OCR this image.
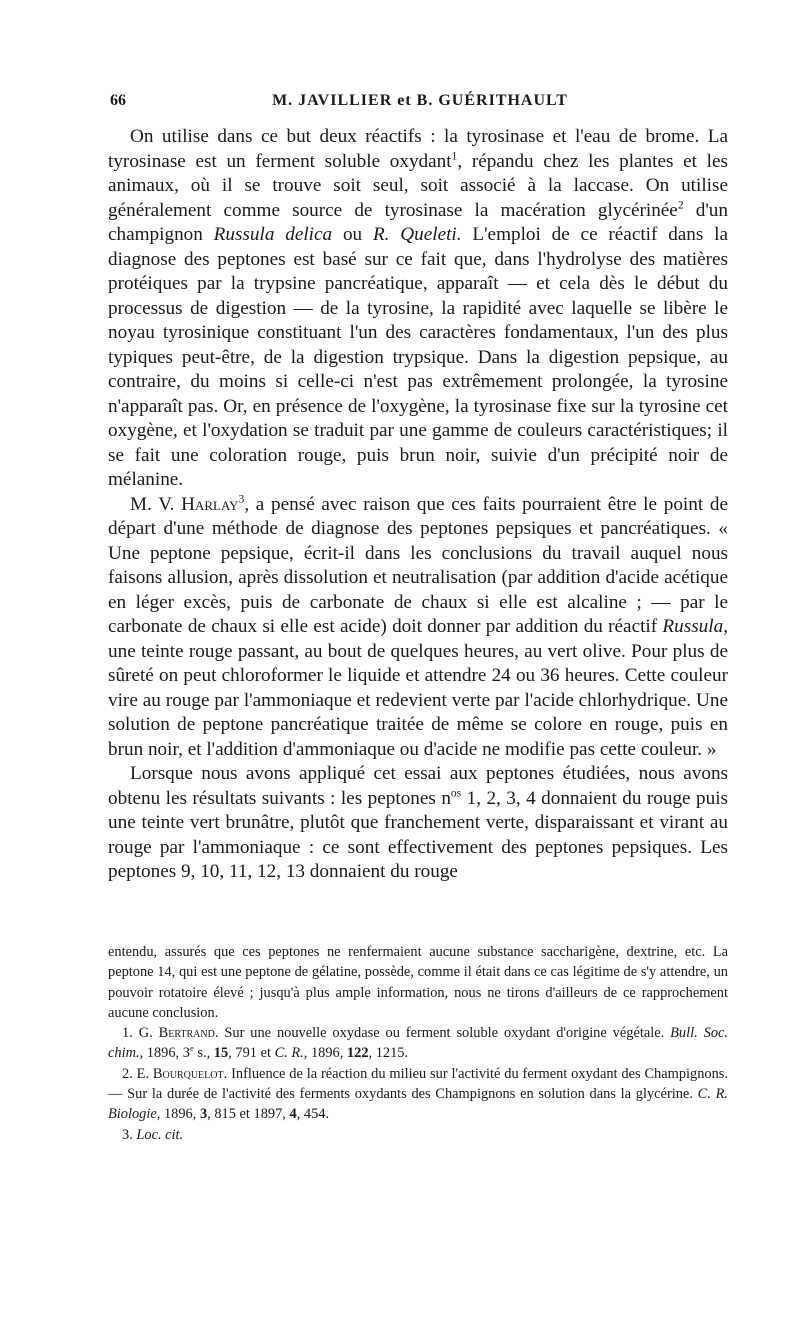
66	M. JAVILLIER et B. GUÉRITHAULT

On utilise dans ce but deux réactifs : la tyrosinase et l'eau de brome. La tyrosinase est un ferment soluble oxydant$^1$, répandu chez les plantes et les animaux, où il se trouve soit seul, soit associé à la laccase. On utilise généralement comme source de tyrosinase la macération glycérinée$^2$ d'un champignon Russula delica ou R. Queleti. L'emploi de ce réactif dans la diagnose des peptones est basé sur ce fait que, dans l'hydrolyse des matières protéiques par la trypsine pancréatique, apparaît — et cela dès le début du processus de digestion — de la tyrosine, la rapidité avec laquelle se libère le noyau tyrosinique constituant l'un des caractères fondamentaux, l'un des plus typiques peut-être, de la digestion trypsique. Dans la digestion pepsique, au contraire, du moins si celle-ci n'est pas extrêmement prolongée, la tyrosine n'apparaît pas. Or, en présence de l'oxygène, la tyrosinase fixe sur la tyrosine cet oxygène, et l'oxydation se traduit par une gamme de couleurs caractéristiques; il se fait une coloration rouge, puis brun noir, suivie d'un précipité noir de mélanine.

M. V. Harlay$^3$, a pensé avec raison que ces faits pourraient être le point de départ d'une méthode de diagnose des peptones pepsiques et pancréatiques. « Une peptone pepsique, écrit-il dans les conclusions du travail auquel nous faisons allusion, après dissolution et neutralisation (par addition d'acide acétique en léger excès, puis de carbonate de chaux si elle est alcaline ; — par le carbonate de chaux si elle est acide) doit donner par addition du réactif Russula, une teinte rouge passant, au bout de quelques heures, au vert olive. Pour plus de sûreté on peut chloroformer le liquide et attendre 24 ou 36 heures. Cette couleur vire au rouge par l'ammoniaque et redevient verte par l'acide chlorhydrique. Une solution de peptone pancréatique traitée de même se colore en rouge, puis en brun noir, et l'addition d'ammoniaque ou d'acide ne modifie pas cette couleur. »

Lorsque nous avons appliqué cet essai aux peptones étudiées, nous avons obtenu les résultats suivants : les peptones $n^{os}$ 1, 2, 3, 4 donnaient du rouge puis une teinte vert brunâtre, plutôt que franchement verte, disparaissant et virant au rouge par l'ammoniaque : ce sont effectivement des peptones pepsiques. Les peptones 9, 10, 11, 12, 13 donnaient du rouge

entendu, assurés que ces peptones ne renfermaient aucune substance saccharigène, dextrine, etc. La peptone 14, qui est une peptone de gélatine, possède, comme il était dans ce cas légitime de s'y attendre, un pouvoir rotatoire élevé ; jusqu'à plus ample information, nous ne tirons d'ailleurs de ce rapprochement aucune conclusion.

1. G. Bertrand. Sur une nouvelle oxydase ou ferment soluble oxydant d'origine végétale. Bull. Soc. chim., 1896, 3e s., 15, 791 et C. R., 1896, 122, 1215.

2. E. Bourquelot. Influence de la réaction du milieu sur l'activité du ferment oxydant des Champignons. — Sur la durée de l'activité des ferments oxydants des Champignons en solution dans la glycérine. C. R. Biologie, 1896, 3, 815 et 1897, 4, 454.

3. Loc. cit.
